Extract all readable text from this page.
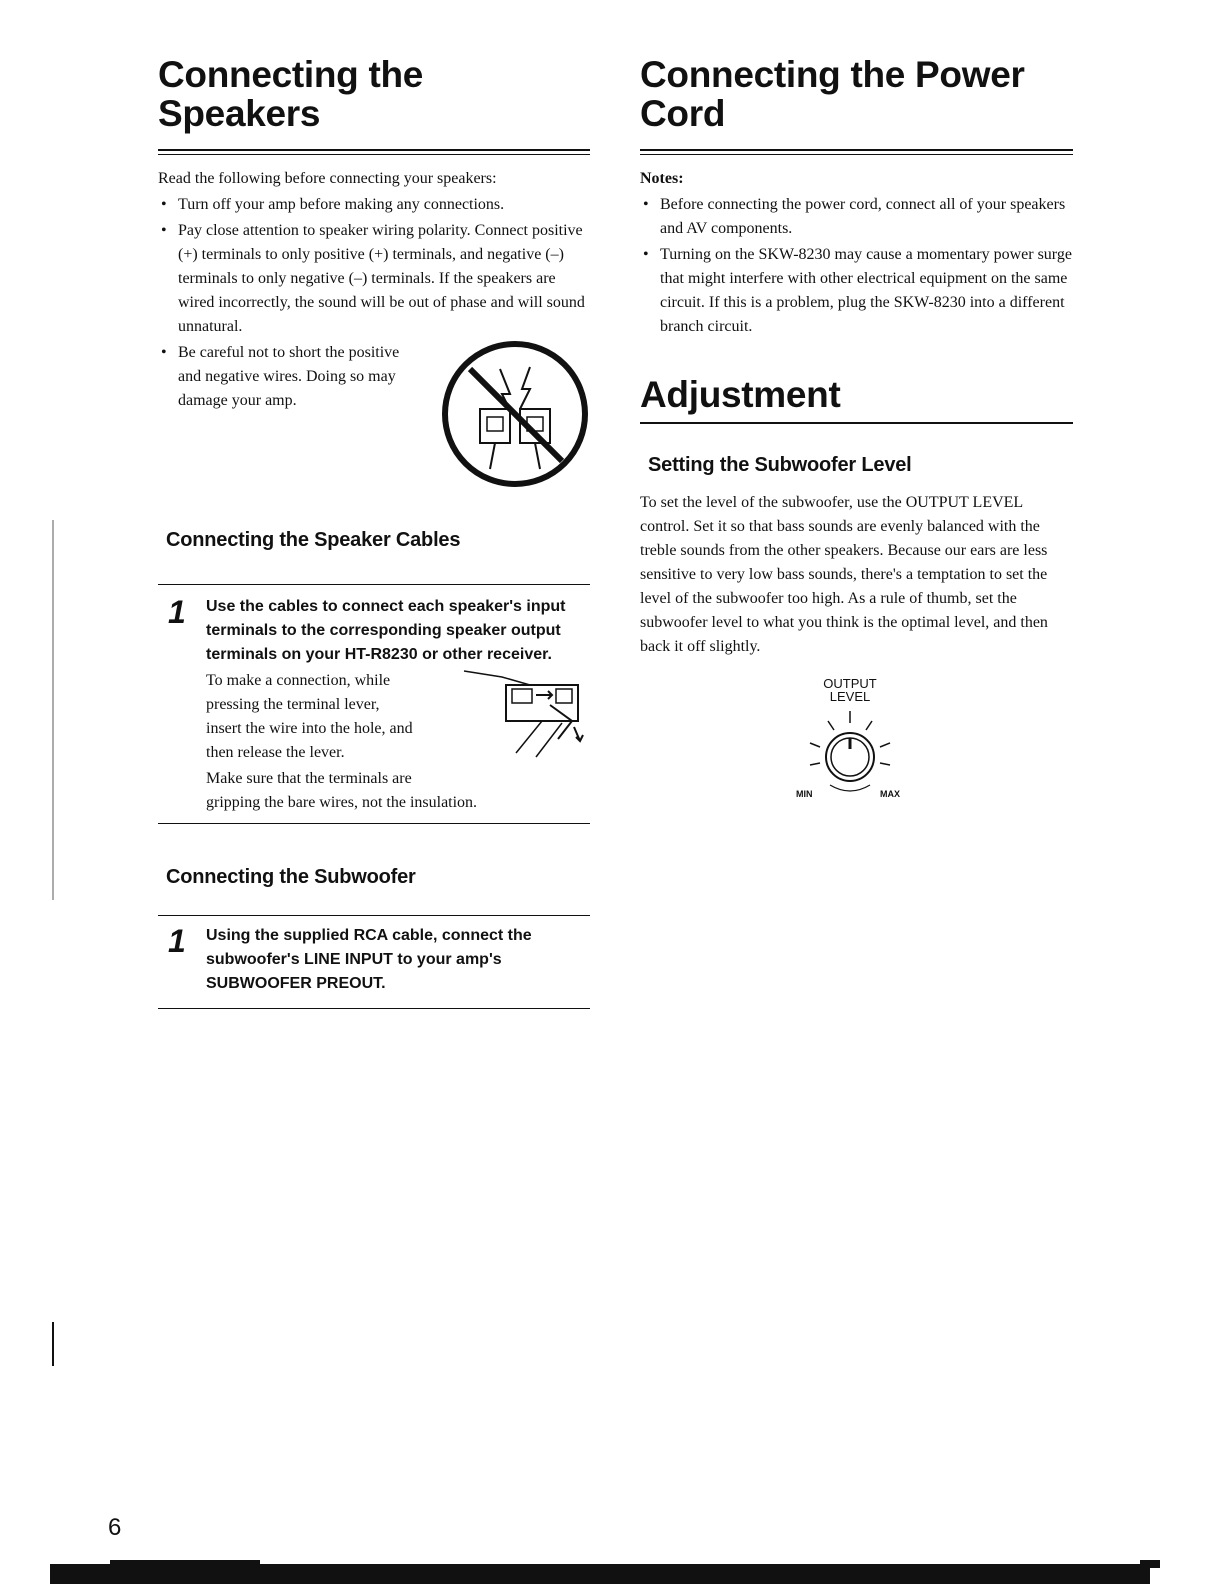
Connecting the
Speakers

Read the following before connecting your speakers:

• Turn off your amp before making any connections.
• Pay close attention to speaker wiring polarity. Connect positive (+) terminals to only positive (+) terminals, and negative (–) terminals to only negative (–) terminals. If the speakers are wired incorrectly, the sound will be out of phase and will sound unnatural.
• Be careful not to short the positive
and negative wires. Doing so may
damage your amp.
Connecting the Speaker Cables
1 Use the cables to connect each speaker's input terminals to the corresponding speaker output terminals on your HT-R8230 or other receiver.

To make a connection, while
pressing the terminal lever,
insert the wire into the hole, and
then release the lever.

Make sure that the terminals are
gripping the bare wires, not the insulation.

Connecting the Subwoofer
1 Using the supplied RCA cable, connect the subwoofer's LINE INPUT to your amp's SUBWOOFER PREOUT.

Connecting the Power
Cord

Notes:

• Before connecting the power cord, connect all of your speakers and AV components.
• Turning on the SKW-8230 may cause a momentary power surge that might interfere with other electrical equipment on the same circuit. If this is a problem, plug the SKW-8230 into a different branch circuit.
Adjustment
Setting the Subwoofer Level

To set the level of the subwoofer, use the OUTPUT LEVEL control. Set it so that bass sounds are evenly balanced with the treble sounds from the other speakers. Because our ears are less sensitive to very low bass sounds, there's a temptation to set the level of the subwoofer too high. As a rule of thumb, set the subwoofer level to what you think is the optimal level, and then back it off slightly.

OUTPUT
LEVEL
MIN	MAX
6
